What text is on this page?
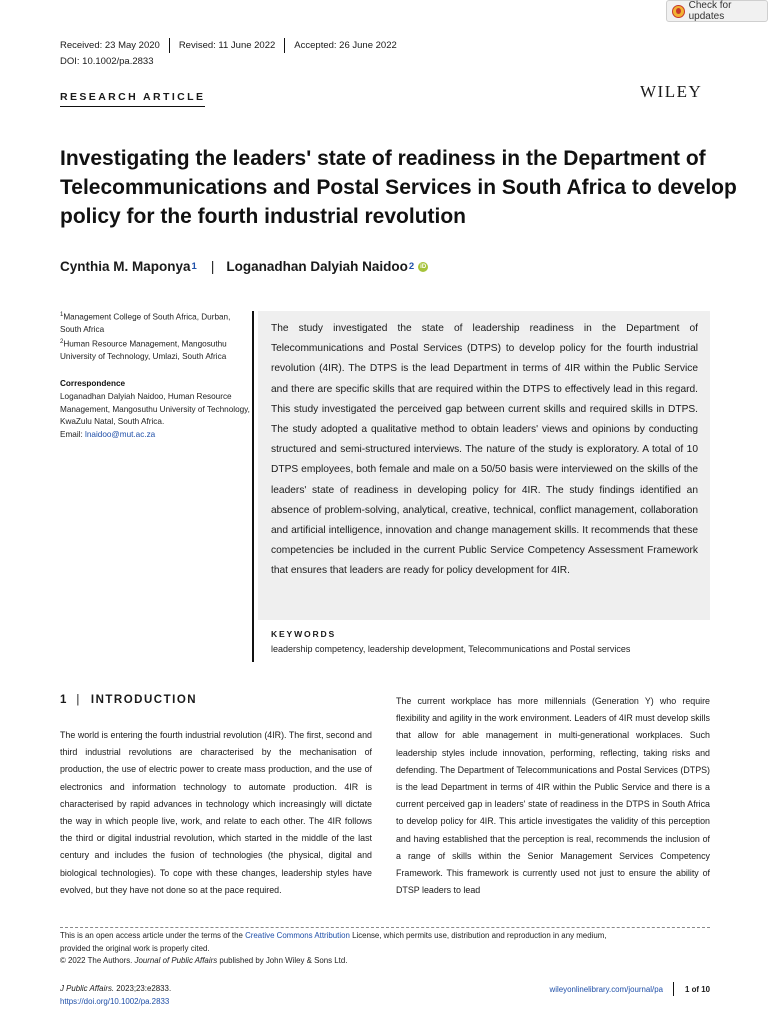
Check for updates
Received: 23 May 2020 Revised: 11 June 2022 Accepted: 26 June 2022
DOI: 10.1002/pa.2833
RESEARCH ARTICLE	WILEY
Investigating the leaders' state of readiness in the Department of Telecommunications and Postal Services in South Africa to develop policy for the fourth industrial revolution
Cynthia M. Maponya 1 | Loganadhan Dalyiah Naidoo 2	iD
$^1$Management College of South Africa, Durban, South Africa
$^2$Human Resource Management, Mangosuthu University of Technology, Umlazi, South Africa
Correspondence
Loganadhan Dalyiah Naidoo, Human Resource Management, Mangosuthu University of Technology, KwaZulu Natal, South Africa.
Email: lnaidoo@mut.ac.za
The study investigated the state of leadership readiness in the Department of Telecommunications and Postal Services (DTPS) to develop policy for the fourth industrial revolution (4IR). The DTPS is the lead Department in terms of 4IR within the Public Service and there are specific skills that are required within the DTPS to effectively lead in this regard. This study investigated the perceived gap between current skills and required skills in DTPS. The study adopted a qualitative method to obtain leaders' views and opinions by conducting structured and semi-structured interviews. The nature of the study is exploratory. A total of 10 DTPS employees, both female and male on a 50/50 basis were interviewed on the skills of the leaders' state of readiness in developing policy for 4IR. The study findings identified an absence of problem-solving, analytical, creative, technical, conflict management, collaboration and artificial intelligence, innovation and change management skills. It recommends that these competencies be included in the current Public Service Competency Assessment Framework that ensures that leaders are ready for policy development for 4IR.
KEYWORDS
leadership competency, leadership development, Telecommunications and Postal services
1 | INTRODUCTION
The world is entering the fourth industrial revolution (4IR). The first, second and third industrial revolutions are characterised by the mechanisation of production, the use of electric power to create mass production, and the use of electronics and information technology to automate production. 4IR is characterised by rapid advances in technology which increasingly will dictate the way in which people live, work, and relate to each other. The 4IR follows the third or digital industrial revolution, which started in the middle of the last century and includes the fusion of technologies (the physical, digital and biological technologies). To cope with these changes, leadership styles have evolved, but they have not done so at the pace required.
The current workplace has more millennials (Generation Y) who require flexibility and agility in the work environment. Leaders of 4IR must develop skills that allow for able management in multi-generational workplaces. Such leadership styles include innovation, performing, reflecting, taking risks and defending. The Department of Telecommunications and Postal Services (DTPS) is the lead Department in terms of 4IR within the Public Service and there is a current perceived gap in leaders' state of readiness in the DTPS in South Africa to develop policy for 4IR. This article investigates the validity of this perception and having established that the perception is real, recommends the inclusion of a range of skills within the Senior Management Services Competency Framework. This framework is currently used not just to ensure the ability of DTSP leaders to lead
This is an open access article under the terms of the Creative Commons Attribution License, which permits use, distribution and reproduction in any medium,
provided the original work is properly cited.
© 2022 The Authors. Journal of Public Affairs published by John Wiley & Sons Ltd.
J Public Affairs. 2023;23:e2833.
https://doi.org/10.1002/pa.2833
wileyonlinelibrary.com/journal/pa	1 of 10
